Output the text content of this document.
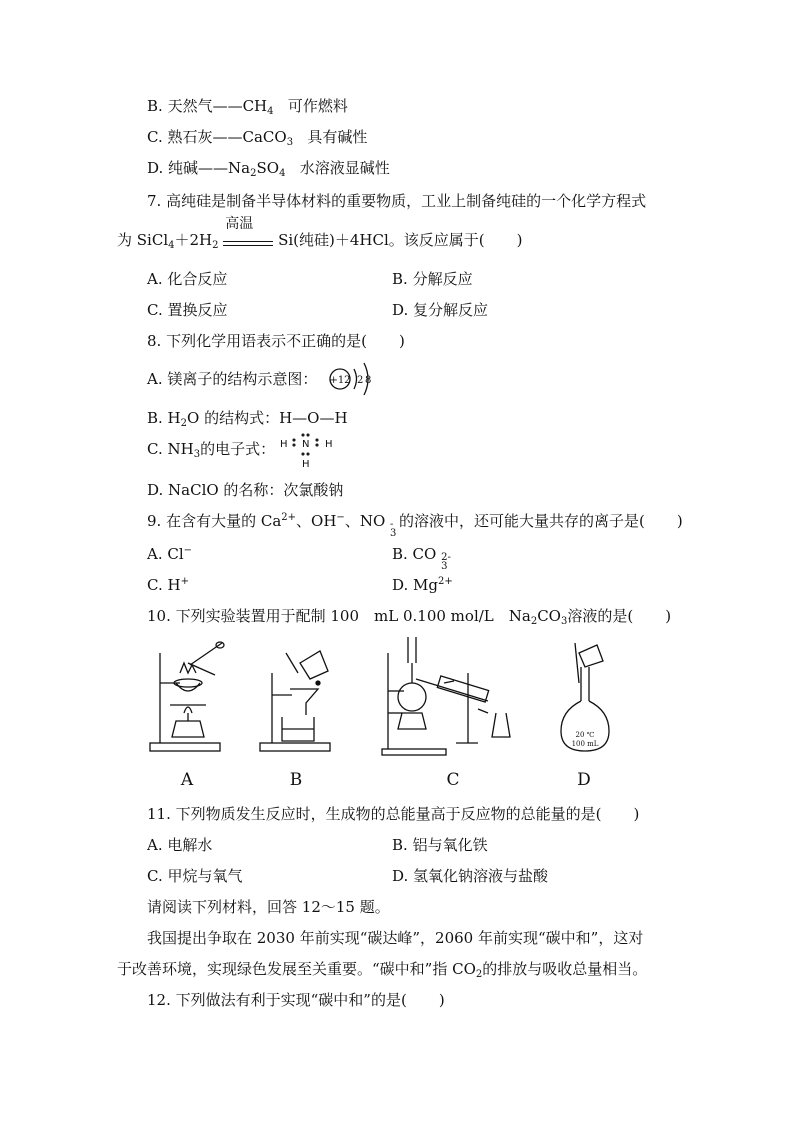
B. 天然气$——CH_4$ 可作燃料
C. 熟石灰——CaCO$_3$ 具有碱性
D. 纯碱$——Na_2SO_4$ 水溶液显碱性
7. 高纯硅是制备半导体材料的重要物质，工业上制备纯硅的一个化学方程式
为 $SiCl_4+2H_2$
高温
Si(纯硅)＋4HCl。该反应属于( )
A. 化合反应	B. 分解反应
C. 置换反应	D. 复分解反应
8. 下列化学用语表示不正确的是( )
A. 镁离子的结构示意图： +12 2 8
B. $H_2O$ 的结构式：H—O—H
C. $NH_3$的电子式： H N H
H
D. NaClO 的名称：次氯酸钠
9. 在含有大量的 $Ca^{2+}$、OH−、NO -
3
的溶液中，还可能大量共存的离子是( )
A. Cl−	B. CO 2-
3
C. H+	D. $Mg^{2+}$
10. 下列实验装置用于配制 100　mL 0.100 mol/L　$Na_2CO_3$溶液的是( )
A	B	C
20 ℃
100 mL
D
11. 下列物质发生反应时，生成物的总能量高于反应物的总能量的是( )
A. 电解水	B. 铝与氧化铁
C. 甲烷与氧气	D. 氢氧化钠溶液与盐酸
请阅读下列材料，回答 12～15 题。
我国提出争取在 2030 年前实现“碳达峰”，2060 年前实现“碳中和”，这对
于改善环境，实现绿色发展至关重要。“碳中和”指 $CO_2$的排放与吸收总量相当。
12. 下列做法有利于实现“碳中和”的是( )
